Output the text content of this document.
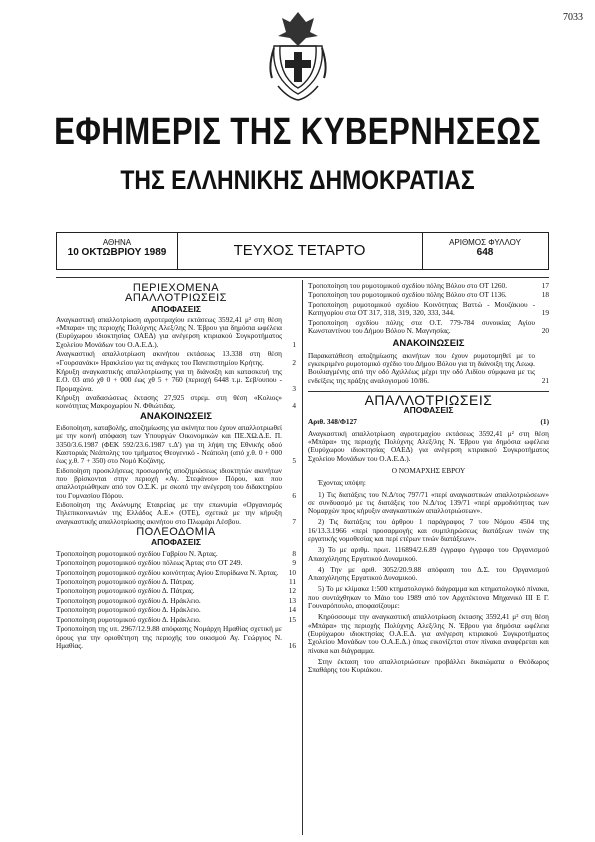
7033
ΕΦΗΜΕΡΙΣ ΤΗΣ ΚΥΒΕΡΝΗΣΕΩΣ
ΤΗΣ ΕΛΛΗΝΙΚΗΣ ΔΗΜΟΚΡΑΤΙΑΣ
ΑΘΗΝΑ
10 ΟΚΤΩΒΡΙΟΥ 1989	ΤΕΥΧΟΣ ΤΕΤΑΡΤΟ	ΑΡΙΘΜΟΣ ΦΥΛΛΟΥ
648
ΠΕΡΙΕΧΟΜΕΝΑ
ΑΠΑΛΛΟΤΡΙΩΣΕΙΣ
ΑΠΟΦΑΣΕΙΣ
Αναγκαστική απαλλοτρίωση αγροτεμαχίου εκτάσεως 3592,41 μ² στη θέση «Μπαρα» της περιοχής Πολύχνης Αλεξ/λης Ν. Έβρου για δημόσια ωφέλεια (Ευρύχωρου ιδιοκτησίας ΟΑΕΔ) για ανέγερση κτιριακού Συγκροτήματος Σχολείου Μονάδων του Ο.Α.Ε.Δ.).	1
Αναγκαστική απαλλοτρίωση ακινήτου εκτάσεως 13.338 στη θέση «Γουρσανάκι» Ηρακλείου για τις ανάγκες του Πανεπιστημίου Κρήτης.	2
Κήρυξη αναγκαστικής απαλλοτρίωσης για τη διάνοιξη και κατασκευή της Ε.Ο. 03 από χθ 0 + 000 έως χθ 5 + 760 (περιοχή 6448 τ.μ. Σεβ/ουπου - Προμαχώνα.	3
Κήρυξη αναδασώσεως έκτασης 27,925 στρεμ. στη θέση «Κολιος» κοινότητας Μακροχωρίου Ν. Φθιώτιδας.	4
ΑΝΑΚΟΙΝΩΣΕΙΣ
Ειδοποίηση, καταβολής, αποζημίωσης για ακίνητα που έχουν απαλλοτριωθεί με την κοινή απόφαση των Υπουργών Οικονομικών και ΠΕ.ΧΩ.Δ.Ε. Π. 3350/3.6.1987 (ΦΕΚ 592/23.6.1987 τ.Δ') για τη λήψη της Εθνικής οδού Καστοριάς Νεάπολης του τμήματος Θεογενικό - Νεάπολη (από χ.θ. 0 + 000 έως χ.θ. 7 + 350) στο Νομό Κοζάνης.	5
Ειδοποίηση προσκλήσεως προσωρινής αποζημιώσεως ιδιοκτητών ακινήτων που βρίσκονται στην περιοχή «Αγ. Στεφάνου» Πόρου, και που απαλλοτριώθηκαν από τον Ο.Σ.Κ. με σκοπό την ανέγερση του διδακτηρίου του Γυμνασίου Πόρου.	6
Ειδοποίηση της Ανώνυμης Εταιρείας με την επωνυμία «Οργανισμός Τηλεπικοινωνιών της Ελλάδος Α.Ε.» (ΟΤΕ), σχετικά με την κήρυξη αναγκαστικής απαλλοτρίωσης ακινήτου στο Πλωμάρι Λέσβου.	7
ΠΟΛΕΟΔΟΜΙΑ
ΑΠΟΦΑΣΕΙΣ
Τροποποίηση ρυμοτομικού σχεδίου Γαβρίου Ν. Άρτας.	8
Τροποποίηση ρυμοτομικού σχεδίου πόλεως Άρτας στο ΟΤ 249.	9
Τροποποίηση ρυμοτομικού σχεδίου κοινότητας Αγίου Σπυρίδωνα Ν. Άρτας. 10
Τροποποίηση ρυμοτομικού σχεδίου Δ. Πάτρας.	11
Τροποποίηση ρυμοτομικού σχεδίου Δ. Πάτρας.	12
Τροποποίηση ρυμοτομικού σχεδίου Δ. Ηράκλειο.	13
Τροποποίηση ρυμοτομικού σχεδίου Δ. Ηράκλειο.	14
Τροποποίηση ρυμοτομικού σχεδίου Δ. Ηράκλειο.	15
Τροποποίηση της υπ. 2967/12.9.88 απόφασης Νομάρχη Ημαθίας σχετική με όρους για την οριοθέτηση της περιοχής του οικισμού Αγ. Γεώργιος Ν. Ημαθίας.	16
Τροποποίηση του ρυμοτομικού σχεδίου πόλης Βόλου στο ΟΤ 1260.	17
Τροποποίηση του ρυμοτομικού σχεδίου πόλης Βόλου στο ΟΤ 1136.	18
Τροποποίηση ρυμοτομικού σχεδίου Κοινότητας Βαττώ - Μουζάκιου - Κατηγορίου στα ΟΤ 317, 318, 319, 320, 333, 344.	19
Τροποποίηση σχεδίου πόλης στα Ο.Τ. 779-784 συνοικίας Αγίου Κωνσταντίνου του Δήμου Βόλου Ν. Μαγνησίας.	20
ΑΝΑΚΟΙΝΩΣΕΙΣ
Παρακατάθεση αποζημίωσης ακινήτων που έχουν ρυμοτομηθεί με το εγκεκριμένο ρυμοτομικό σχέδιο του Δήμου Βόλου για τη διάνοιξη της Λεωφ. Βουλιαγμένης από την οδό Αχιλλέως μέχρι την οδό Λιδίου σύμφωνα με τις ενδείξεις της πράξης αναλογισμού 10/86.	21
ΑΠΑΛΛΟΤΡΙΩΣΕΙΣ
ΑΠΟΦΑΣΕΙΣ
Αριθ. 348/Φ127	(1)
Αναγκαστική απαλλοτρίωση αγροτεμαχίου εκτάσεως 3592,41 μ² στη θέση «Μπάρα» της περιοχής Πολύχνης Αλεξ/λης Ν. Έβρου για δημόσια ωφέλεια (Ευρύχωρου ιδιοκτησίας ΟΑΕΔ) για ανέγερση κτιριακού Συγκροτήματος Σχολείου Μονάδων του Ο.Α.Ε.Δ.).
Ο ΝΟΜΑΡΧΗΣ ΕΒΡΟΥ
Έχοντας υπόψη:
1) Τις διατάξεις του Ν.Δ/τος 797/71 «περί αναγκαστικών απαλλοτριώσεων» σε συνδυασμό με τις διατάξεις του Ν.Δ/τος 139/71 «περί αρμοδιότητας των Νομαρχών προς κήρυξιν αναγκαστικών απαλλοτριώσεων».
2) Τις διατάξεις του άρθρου 1 παράγραφος 7 του Νόμου 4504 της 16/13.3.1966 «περί προσαρμογής και συμπληρώσεως διατάξεων τινών της εργατικής νομοθεσίας και περί ετέρων τινών διατάξεων».
3) Το με αριθμ. πρωτ. 116894/2.6.89 έγγραφο έγγραφο του Οργανισμού Απασχόλησης Εργατικού Δυναμικού.
4) Την με αριθ. 3052/20.9.88 απόφαση του Δ.Σ. του Οργανισμού Απασχόλησης Εργατικού Δυναμικού.
5) Το με κλίμακα 1:500 κτηματολογικό διάγραμμα και κτηματολογικό πίνακα, που συντάχθηκαν το Μάιο του 1989 από τον Αρχιτέκτονα Μηχανικό ΙΙΙ Ε Γ. Γουναρόπουλο, αποφασίζουμε:
Κηρύσσουμε την αναγκαστική απαλλοτρίωση έκτασης 3592,41 μ² στη θέση «Μπάρα» της περιοχής Πολύχνης Αλεξ/λης Ν. Έβρου για δημόσια ωφέλεια (Ευρύχωρου ιδιοκτησίας Ο.Α.Ε.Δ. για ανέγερση κτιριακού Συγκροτήματος Σχολείου Μονάδων του Ο.Α.Ε.Δ.) όπως εικονίζεται στον πίνακα αναφέρεται και πίνακα και διάγραμμα.
Στην έκταση του απαλλοτριώσεων προβάλλει δικαιώματα ο Θεόδωρος Σπαθάρης του Κυριάκου.
